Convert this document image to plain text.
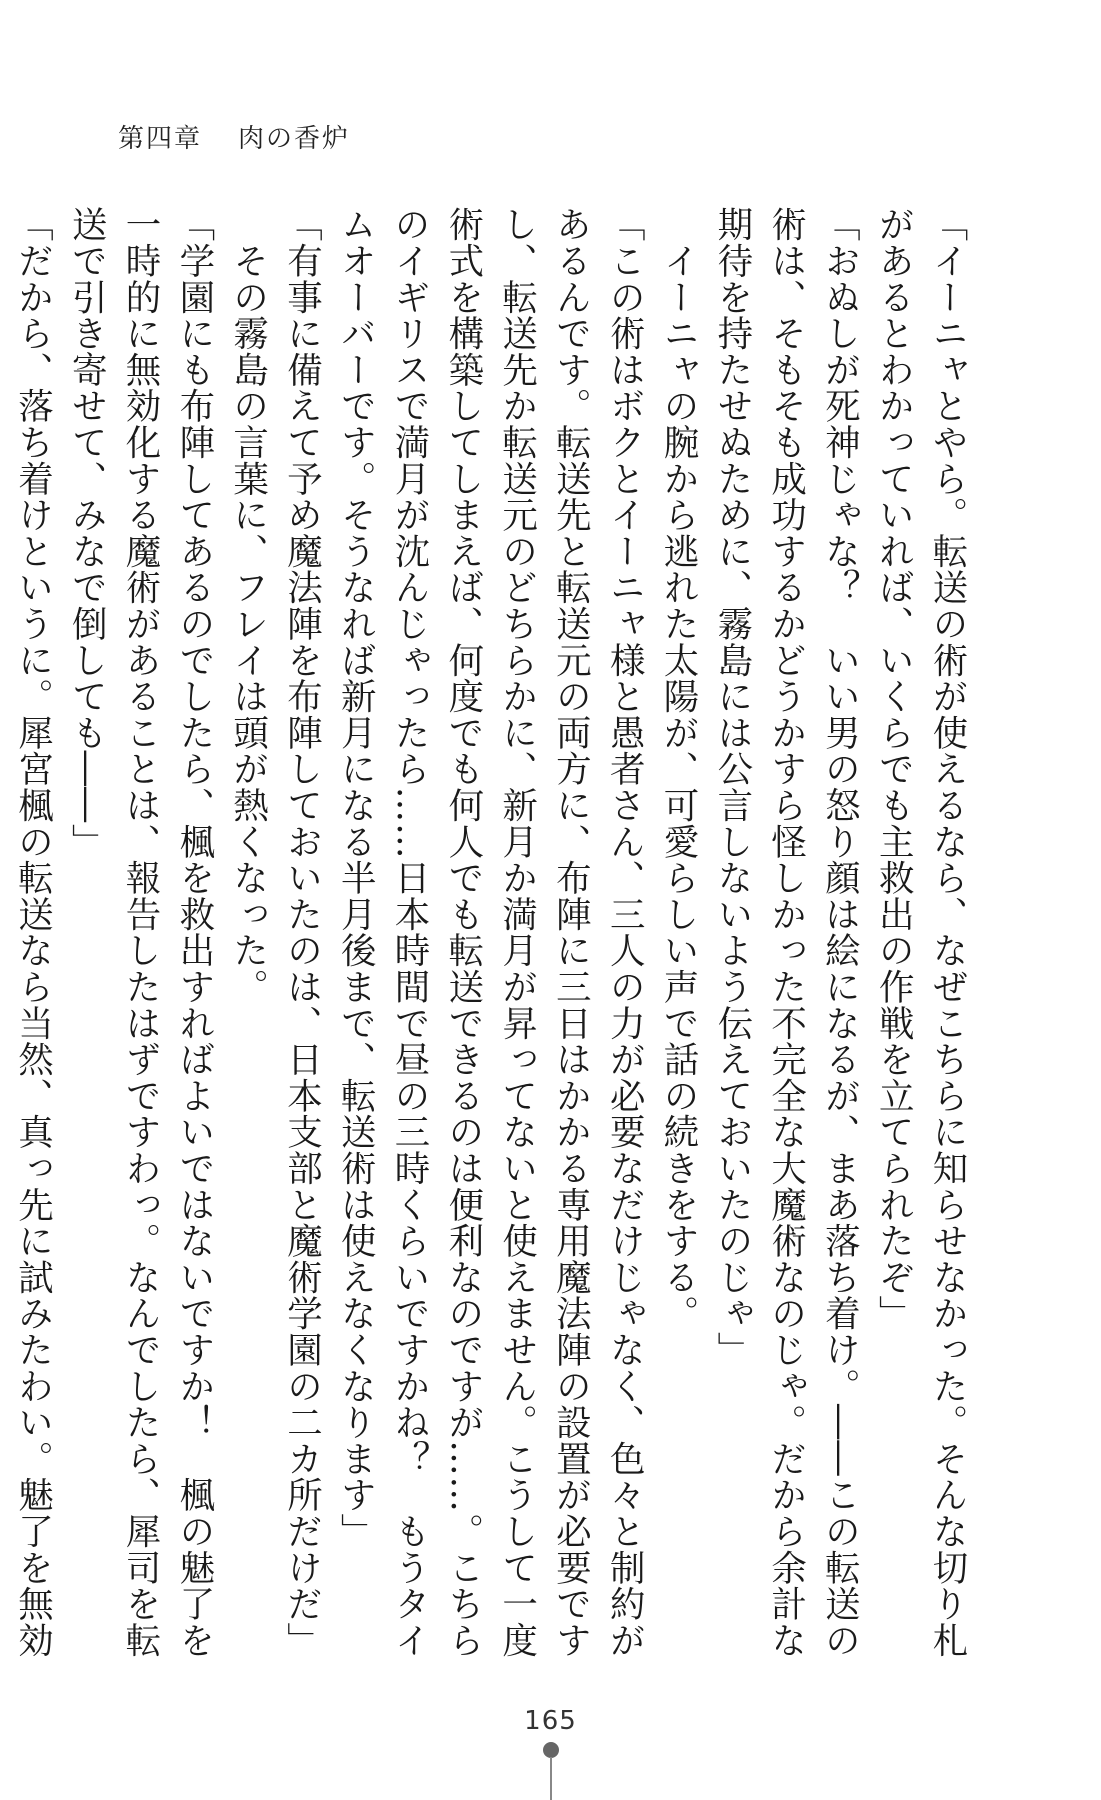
第四章 肉の香炉

「イーニャとやら。転送の術が使えるなら、なぜこちらに知らせなかった。そんな切り札

があるとわかっていれば、いくらでも主救出の作戦を立てられたぞ」

「おぬしが死神じゃな？　いい男の怒り顔は絵になるが、まあ落ち着け。――この転送の

術は、そもそも成功するかどうかすら怪しかった不完全な大魔術なのじゃ。だから余計な

期待を持たせぬために、霧島には公言しないよう伝えておいたのじゃ」

　イーニャの腕から逃れた太陽が、可愛らしい声で話の続きをする。

「この術はボクとイーニャ様と愚者さん、三人の力が必要なだけじゃなく、色々と制約が

あるんです。転送先と転送元の両方に、布陣に三日はかかる専用魔法陣の設置が必要です

し、転送先か転送元のどちらかに、新月か満月が昇ってないと使えません。こうして一度

術式を構築してしまえば、何度でも何人でも転送できるのは便利なのですが……。こちら

のイギリスで満月が沈んじゃったら……日本時間で昼の三時くらいですかね？　もうタイ

ムオーバーです。そうなれば新月になる半月後まで、転送術は使えなくなります」

「有事に備えて予め魔法陣を布陣しておいたのは、日本支部と魔術学園の二カ所だけだ」

　その霧島の言葉に、フレイは頭が熱くなった。

「学園にも布陣してあるのでしたら、楓を救出すればよいではないですか！　楓の魅了を

一時的に無効化する魔術があることは、報告したはずですわっ。なんでしたら、犀司を転

送で引き寄せて、みなで倒しても――」

「だから、落ち着けというに。犀宮楓の転送なら当然、真っ先に試みたわい。魅了を無効

165
